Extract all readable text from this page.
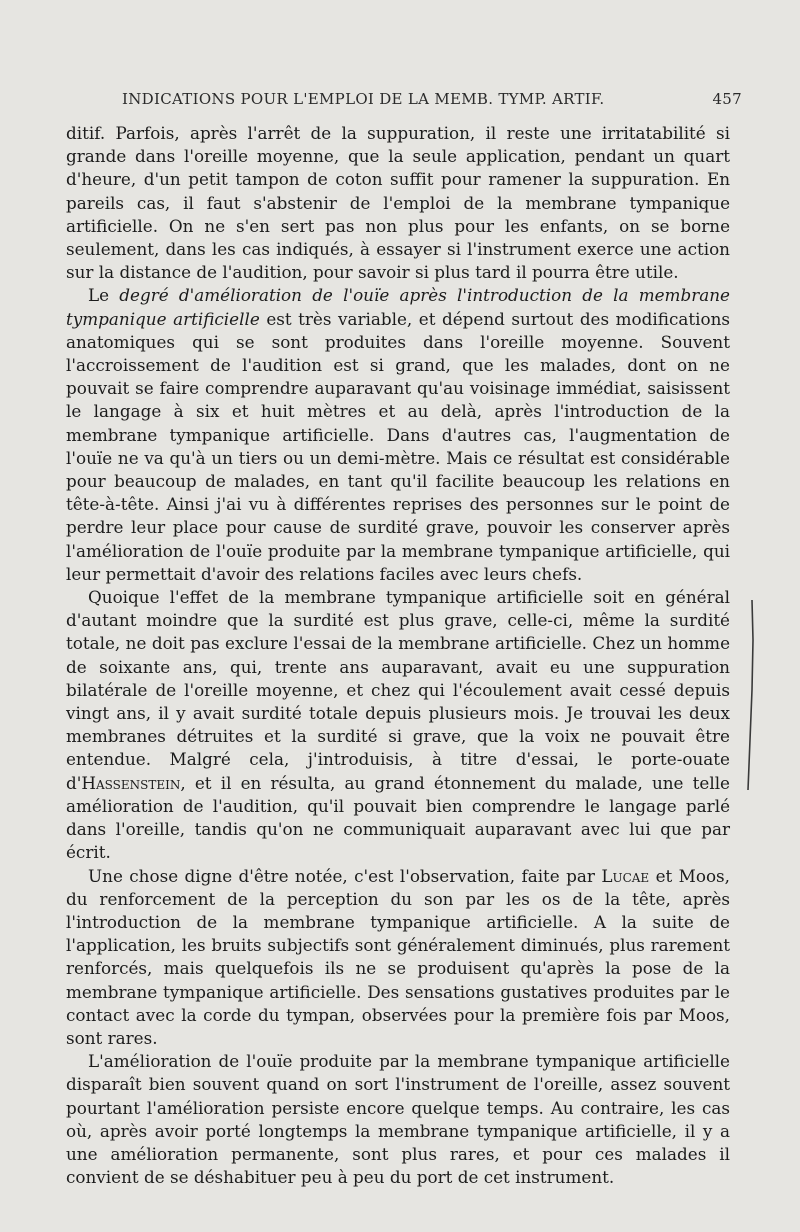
INDICATIONS POUR L'EMPLOI DE LA MEMB. TYMP. ARTIF.	457

ditif. Parfois, après l'arrêt de la suppuration, il reste une irritatabilité si grande dans l'oreille moyenne, que la seule application, pendant un quart d'heure, d'un petit tampon de coton suffit pour ramener la suppuration. En pareils cas, il faut s'abstenir de l'emploi de la membrane tympanique artificielle. On ne s'en sert pas non plus pour les enfants, on se borne seulement, dans les cas indiqués, à essayer si l'instrument exerce une action sur la distance de l'audition, pour savoir si plus tard il pourra être utile.

Le degré d'amélioration de l'ouïe après l'introduction de la membrane tympanique artificielle est très variable, et dépend surtout des modifications anatomiques qui se sont produites dans l'oreille moyenne. Souvent l'accroissement de l'audition est si grand, que les malades, dont on ne pouvait se faire comprendre auparavant qu'au voisinage immédiat, saisissent le langage à six et huit mètres et au delà, après l'introduction de la membrane tympanique artificielle. Dans d'autres cas, l'augmentation de l'ouïe ne va qu'à un tiers ou un demi-mètre. Mais ce résultat est considérable pour beaucoup de malades, en tant qu'il facilite beaucoup les relations en tête-à-tête. Ainsi j'ai vu à différentes reprises des personnes sur le point de perdre leur place pour cause de surdité grave, pouvoir les conserver après l'amélioration de l'ouïe produite par la membrane tympanique artificielle, qui leur permettait d'avoir des relations faciles avec leurs chefs.

Quoique l'effet de la membrane tympanique artificielle soit en général d'autant moindre que la surdité est plus grave, celle-ci, même la surdité totale, ne doit pas exclure l'essai de la membrane artificielle. Chez un homme de soixante ans, qui, trente ans auparavant, avait eu une suppuration bilatérale de l'oreille moyenne, et chez qui l'écoulement avait cessé depuis vingt ans, il y avait surdité totale depuis plusieurs mois. Je trouvai les deux membranes détruites et la surdité si grave, que la voix ne pouvait être entendue. Malgré cela, j'introduisis, à titre d'essai, le porte-ouate d'Hassenstein, et il en résulta, au grand étonnement du malade, une telle amélioration de l'audition, qu'il pouvait bien comprendre le langage parlé dans l'oreille, tandis qu'on ne communiquait auparavant avec lui que par écrit.

Une chose digne d'être notée, c'est l'observation, faite par Lucae et Moos, du renforcement de la perception du son par les os de la tête, après l'introduction de la membrane tympanique artificielle. A la suite de l'application, les bruits subjectifs sont généralement diminués, plus rarement renforcés, mais quelquefois ils ne se produisent qu'après la pose de la membrane tympanique artificielle. Des sensations gustatives produites par le contact avec la corde du tympan, observées pour la première fois par Moos, sont rares.

L'amélioration de l'ouïe produite par la membrane tympanique artificielle disparaît bien souvent quand on sort l'instrument de l'oreille, assez souvent pourtant l'amélioration persiste encore quelque temps. Au contraire, les cas où, après avoir porté longtemps la membrane tympanique artificielle, il y a une amélioration permanente, sont plus rares, et pour ces malades il convient de se déshabituer peu à peu du port de cet instrument.
